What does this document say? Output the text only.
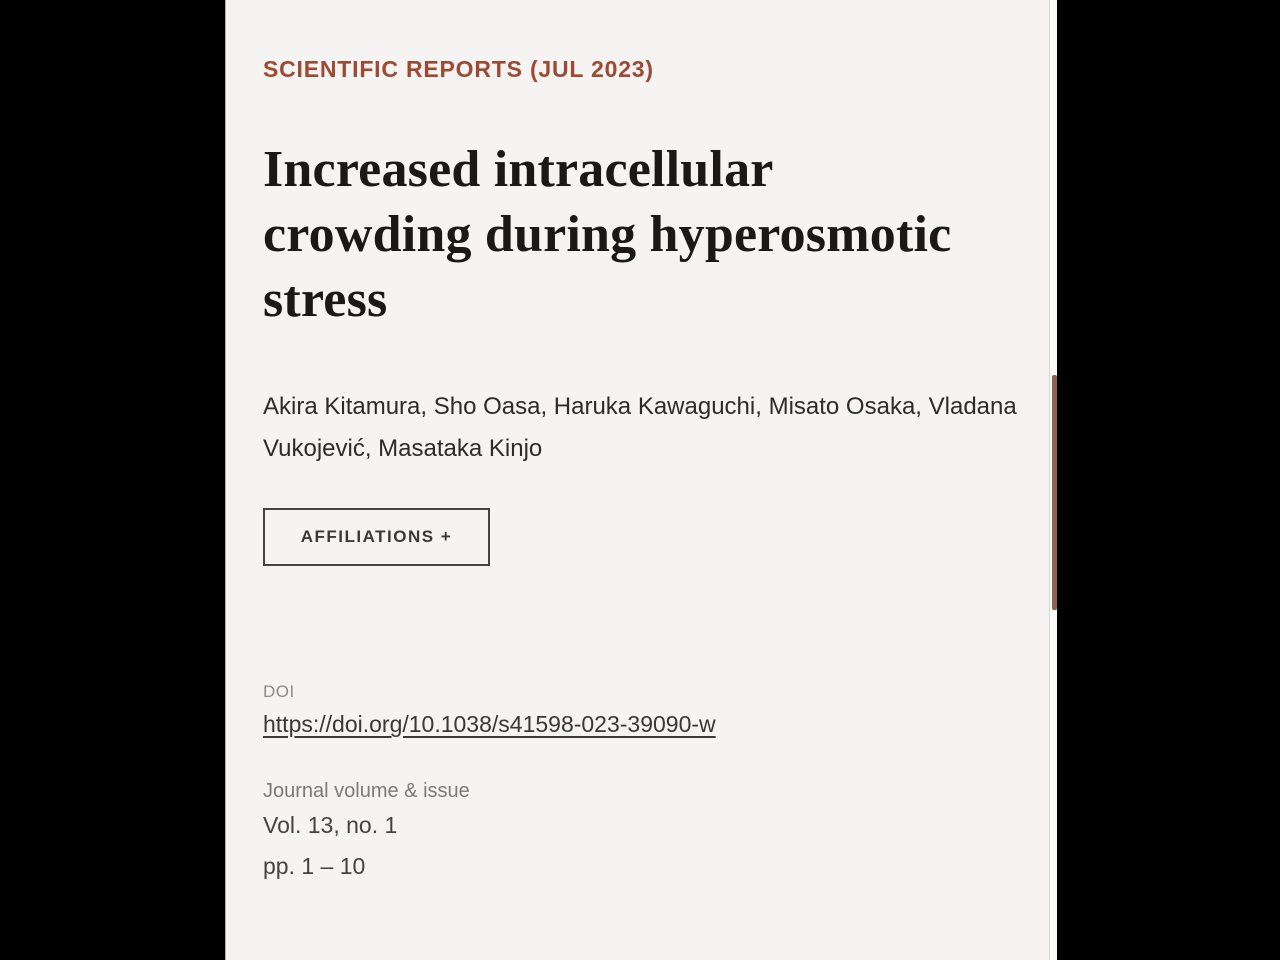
SCIENTIFIC REPORTS (JUL 2023)
Increased intracellular crowding during hyperosmotic stress
Akira Kitamura, Sho Oasa, Haruka Kawaguchi, Misato Osaka, Vladana Vukojević, Masataka Kinjo
AFFILIATIONS +
DOI
https://doi.org/10.1038/s41598-023-39090-w
Journal volume & issue
Vol. 13, no. 1
pp. 1 – 10
